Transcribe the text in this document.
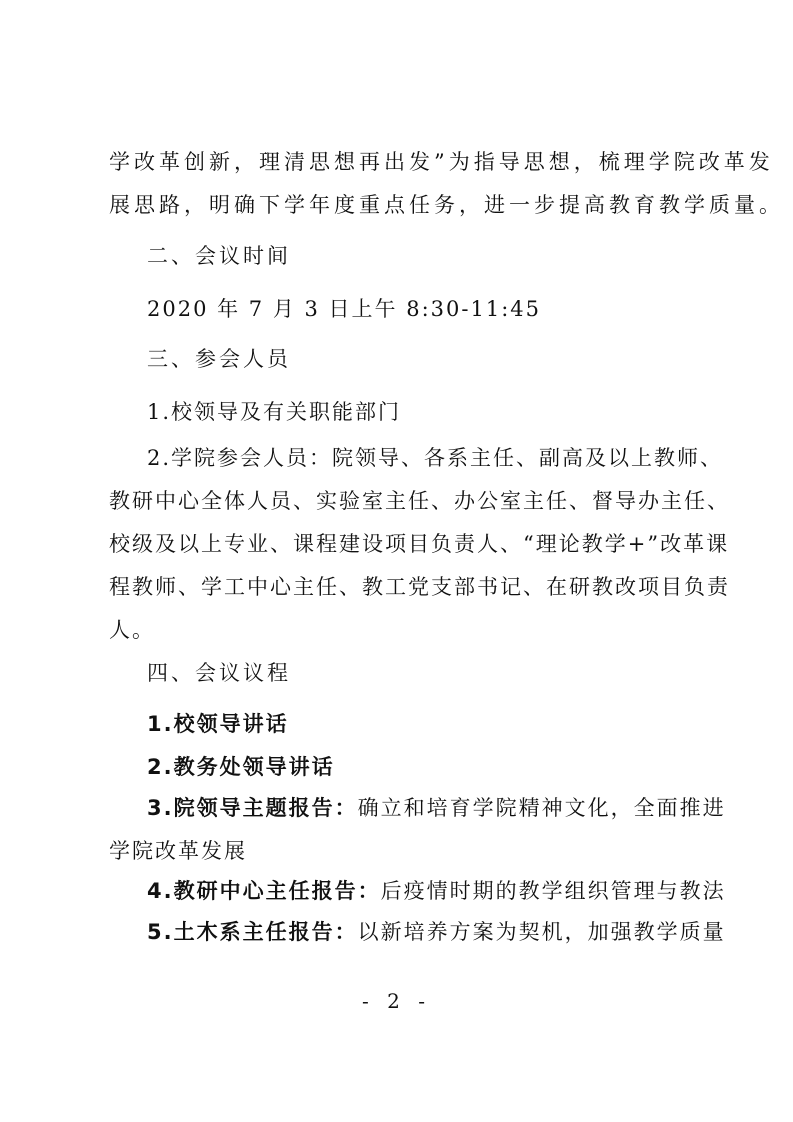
学改革创新，理清思想再出发”为指导思想，梳理学院改革发
展思路，明确下学年度重点任务，进一步提高教育教学质量。
二、会议时间
2020 年 7 月 3 日上午 8:30-11:45
三、参会人员
1.校领导及有关职能部门
2.学院参会人员：院领导、各系主任、副高及以上教师、
教研中心全体人员、实验室主任、办公室主任、督导办主任、
校级及以上专业、课程建设项目负责人、“理论教学+”改革课
程教师、学工中心主任、教工党支部书记、在研教改项目负责
人。
四、会议议程
1.校领导讲话
2.教务处领导讲话
3.院领导主题报告：确立和培育学院精神文化，全面推进
学院改革发展
4.教研中心主任报告：后疫情时期的教学组织管理与教法
5.土木系主任报告：以新培养方案为契机，加强教学质量
- 2 -
